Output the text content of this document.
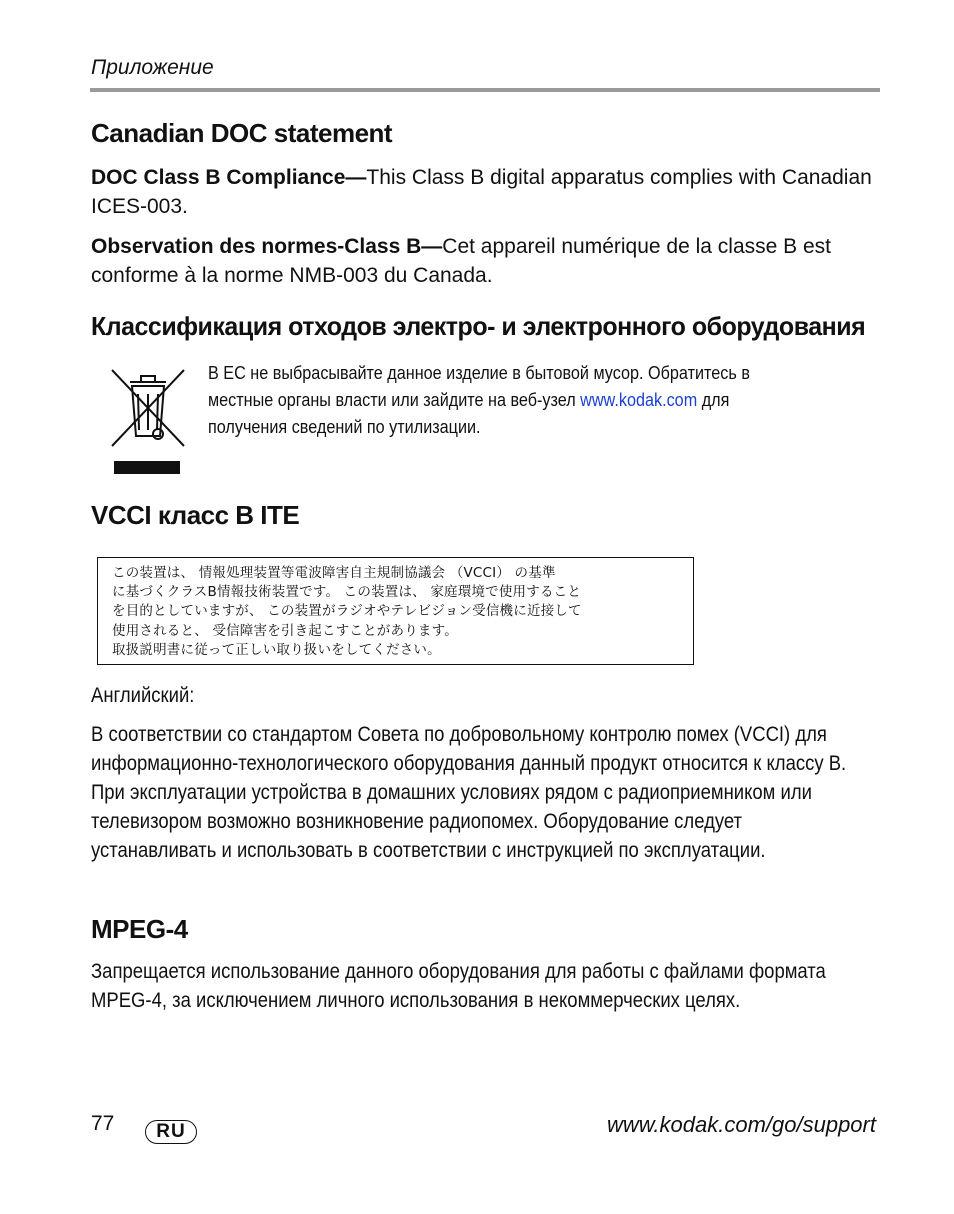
Приложение
Canadian DOC statement
DOC Class B Compliance—This Class B digital apparatus complies with Canadian ICES-003.
Observation des normes-Class B—Cet appareil numérique de la classe B est conforme à la norme NMB-003 du Canada.
Классификация отходов электро- и электронного оборудования
В ЕС не выбрасывайте данное изделие в бытовой мусор. Обратитесь в местные органы власти или зайдите на веб-узел www.kodak.com для получения сведений по утилизации.
VCCI класс B ITE
この装置は、 情報処理装置等電波障害自主規制協議会 （VCCI） の基準
に基づくクラスB情報技術装置です。 この装置は、 家庭環境で使用すること
を目的としていますが、 この装置がラジオやテレビジョン受信機に近接して
使用されると、 受信障害を引き起こすことがあります。
取扱説明書に従って正しい取り扱いをしてください。
Английский:
В соответствии со стандартом Совета по добровольному контролю помех (VCCI) для информационно-технологического оборудования данный продукт относится к классу B. При эксплуатации устройства в домашних условиях рядом с радиоприемником или телевизором возможно возникновение радиопомех. Оборудование следует устанавливать и использовать в соответствии с инструкцией по эксплуатации.
MPEG-4
Запрещается использование данного оборудования для работы с файлами формата MPEG-4, за исключением личного использования в некоммерческих целях.
77	RU	www.kodak.com/go/support
